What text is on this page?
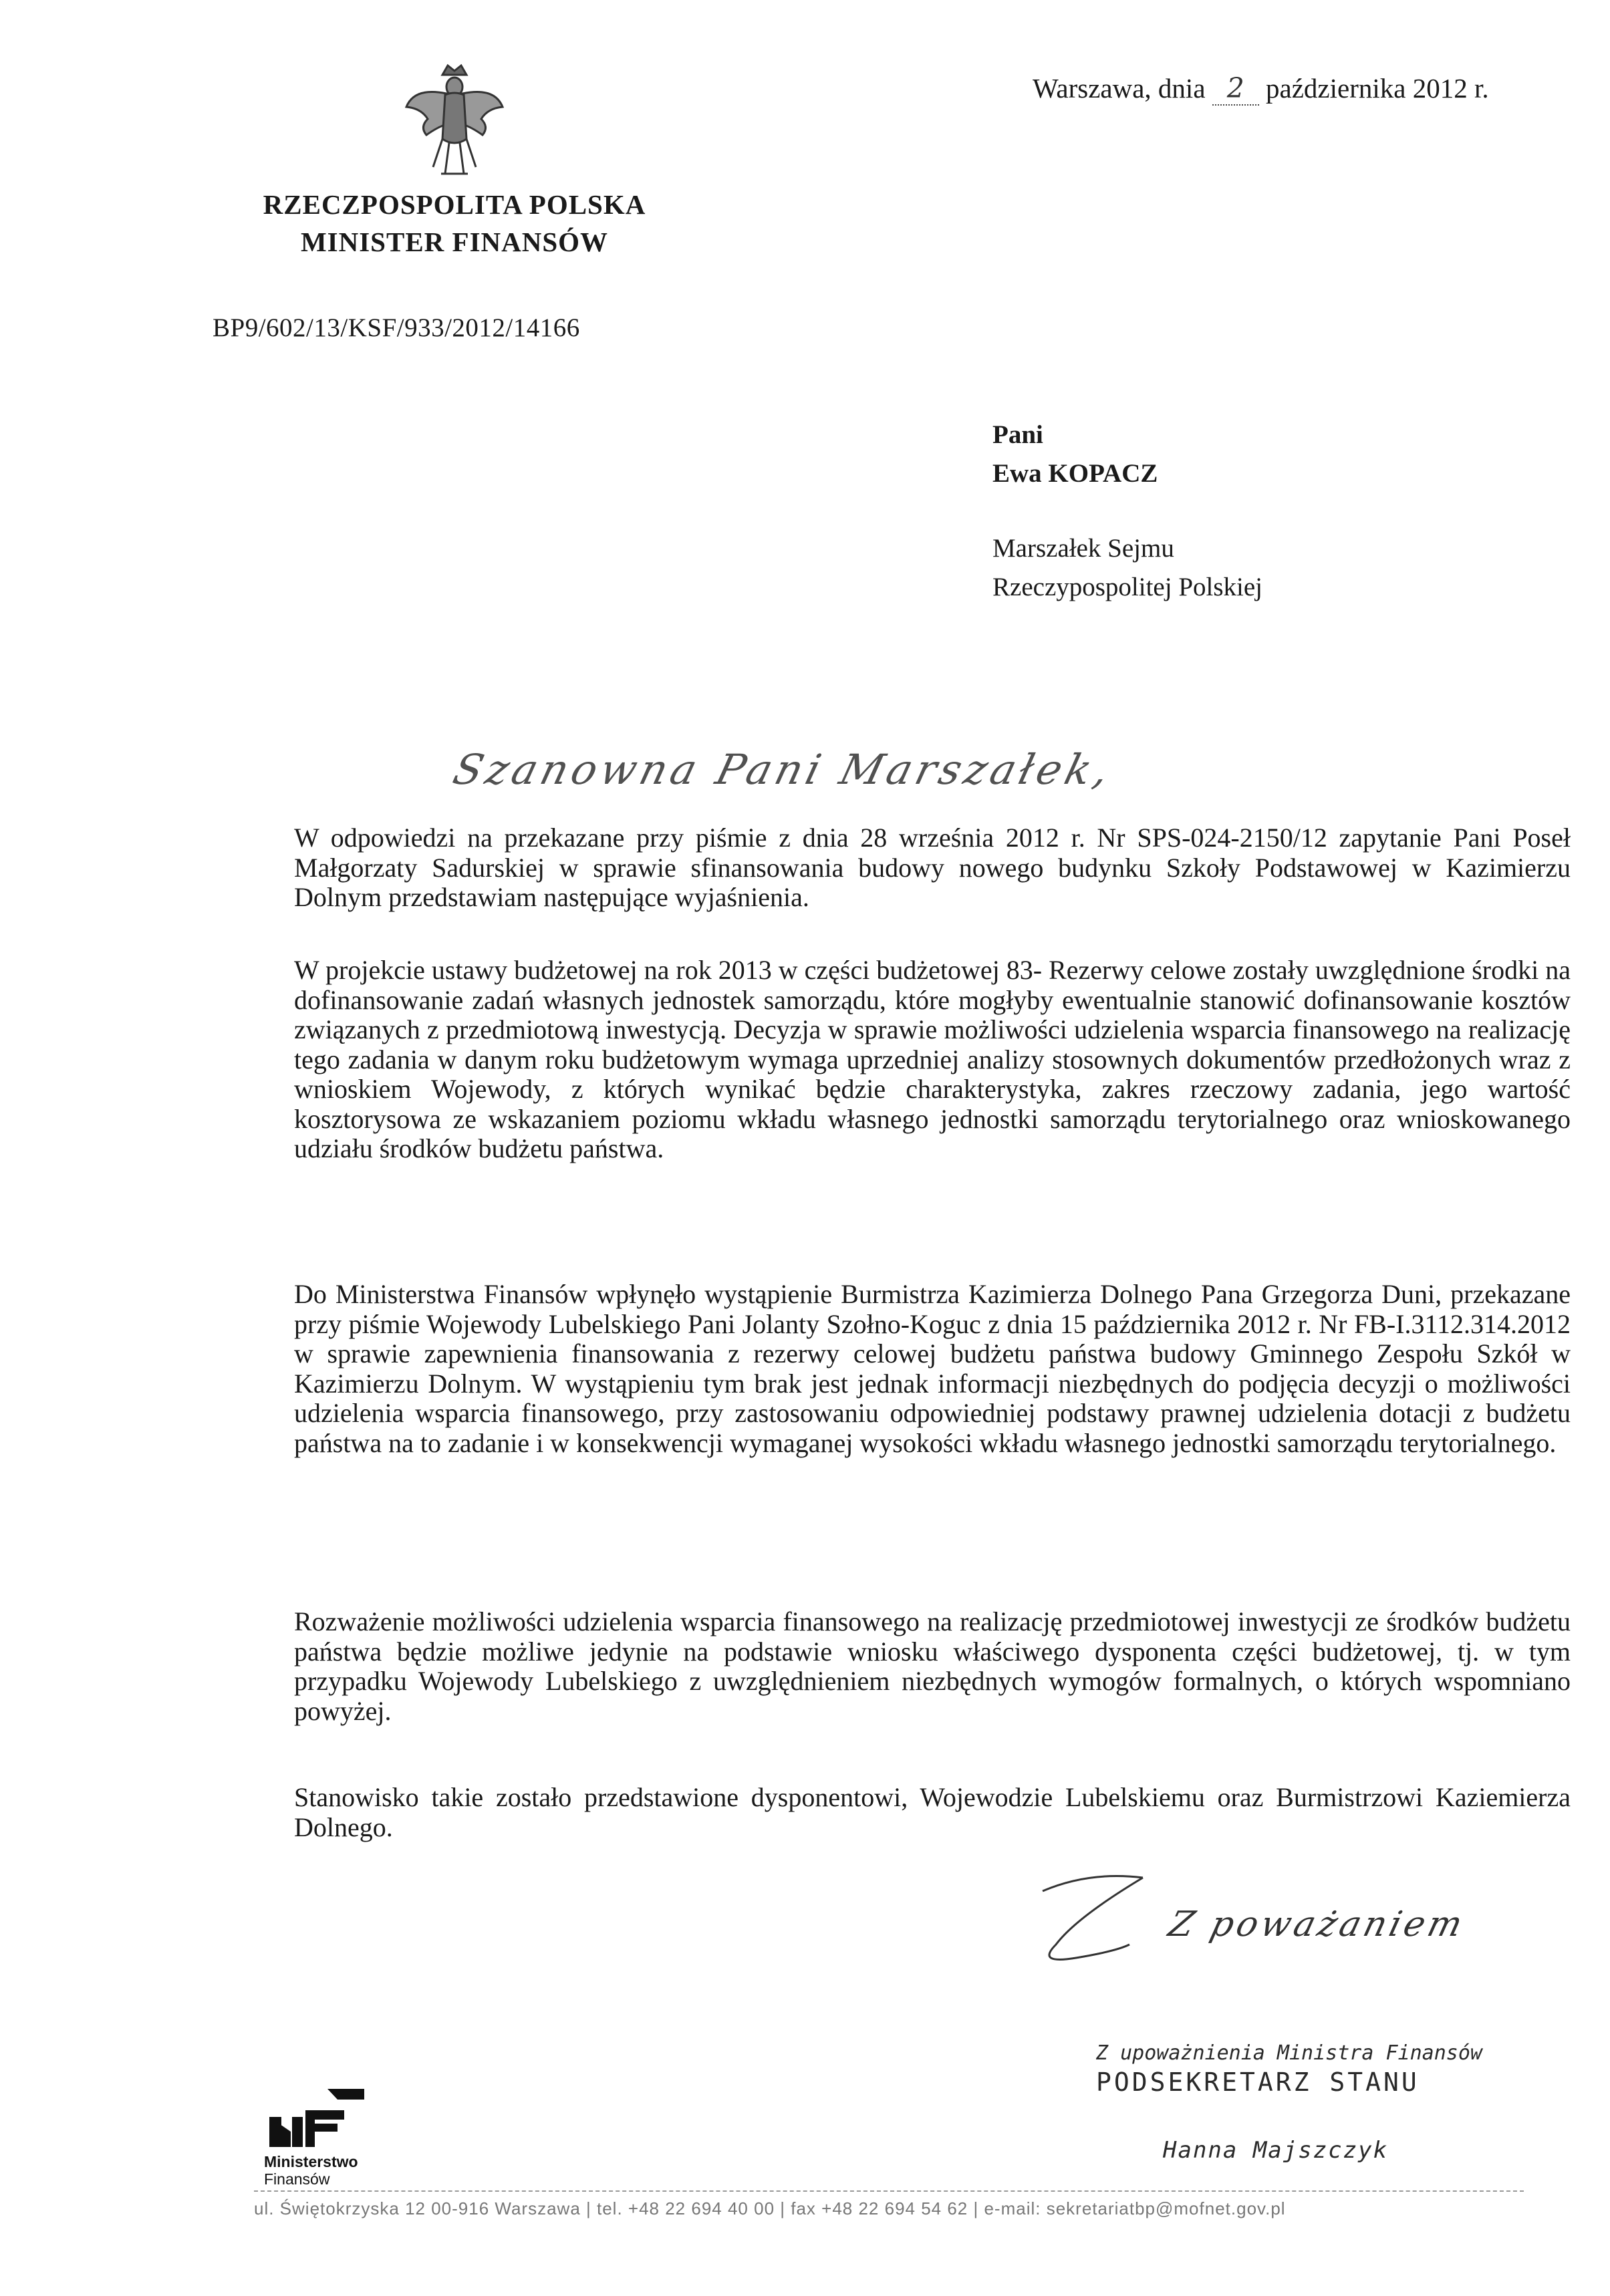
RZECZPOSPOLITA POLSKA
MINISTER FINANSÓW
BP9/602/13/KSF/933/2012/14166
Warszawa, dnia 2 października 2012 r.
Pani
Ewa KOPACZ
Marszałek Sejmu
Rzeczypospolitej Polskiej
Szanowna Pani Marszałek,
W odpowiedzi na przekazane przy piśmie z dnia 28 września 2012 r. Nr SPS-024-2150/12 zapytanie Pani Poseł Małgorzaty Sadurskiej w sprawie sfinansowania budowy nowego budynku Szkoły Podstawowej w Kazimierzu Dolnym przedstawiam następujące wyjaśnienia.
W projekcie ustawy budżetowej na rok 2013 w części budżetowej 83- Rezerwy celowe zostały uwzględnione środki na dofinansowanie zadań własnych jednostek samorządu, które mogłyby ewentualnie stanowić dofinansowanie kosztów związanych z przedmiotową inwestycją. Decyzja w sprawie możliwości udzielenia wsparcia finansowego na realizację tego zadania w danym roku budżetowym wymaga uprzedniej analizy stosownych dokumentów przedłożonych wraz z wnioskiem Wojewody, z których wynikać będzie charakterystyka, zakres rzeczowy zadania, jego wartość kosztorysowa ze wskazaniem poziomu wkładu własnego jednostki samorządu terytorialnego oraz wnioskowanego udziału środków budżetu państwa.
Do Ministerstwa Finansów wpłynęło wystąpienie Burmistrza Kazimierza Dolnego Pana Grzegorza Duni, przekazane przy piśmie Wojewody Lubelskiego Pani Jolanty Szołno-Koguc z dnia 15 października 2012 r. Nr FB-I.3112.314.2012 w sprawie zapewnienia finansowania z rezerwy celowej budżetu państwa budowy Gminnego Zespołu Szkół w Kazimierzu Dolnym. W wystąpieniu tym brak jest jednak informacji niezbędnych do podjęcia decyzji o możliwości udzielenia wsparcia finansowego, przy zastosowaniu odpowiedniej podstawy prawnej udzielenia dotacji z budżetu państwa na to zadanie i w konsekwencji wymaganej wysokości wkładu własnego jednostki samorządu terytorialnego.
Rozważenie możliwości udzielenia wsparcia finansowego na realizację przedmiotowej inwestycji ze środków budżetu państwa będzie możliwe jedynie na podstawie wniosku właściwego dysponenta części budżetowej, tj. w tym przypadku Wojewody Lubelskiego z uwzględnieniem niezbędnych wymogów formalnych, o których wspomniano powyżej.
Stanowisko takie zostało przedstawione dysponentowi, Wojewodzie Lubelskiemu oraz Burmistrzowi Kaziemierza Dolnego.
Z poważaniem
Z upoważnienia Ministra Finansów
PODSEKRETARZ STANU
Hanna Majszczyk
Ministerstwo
Finansów
ul. Świętokrzyska 12 00-916 Warszawa | tel. +48 22 694 40 00 | fax +48 22 694 54 62 | e-mail: sekretariatbp@mofnet.gov.pl
